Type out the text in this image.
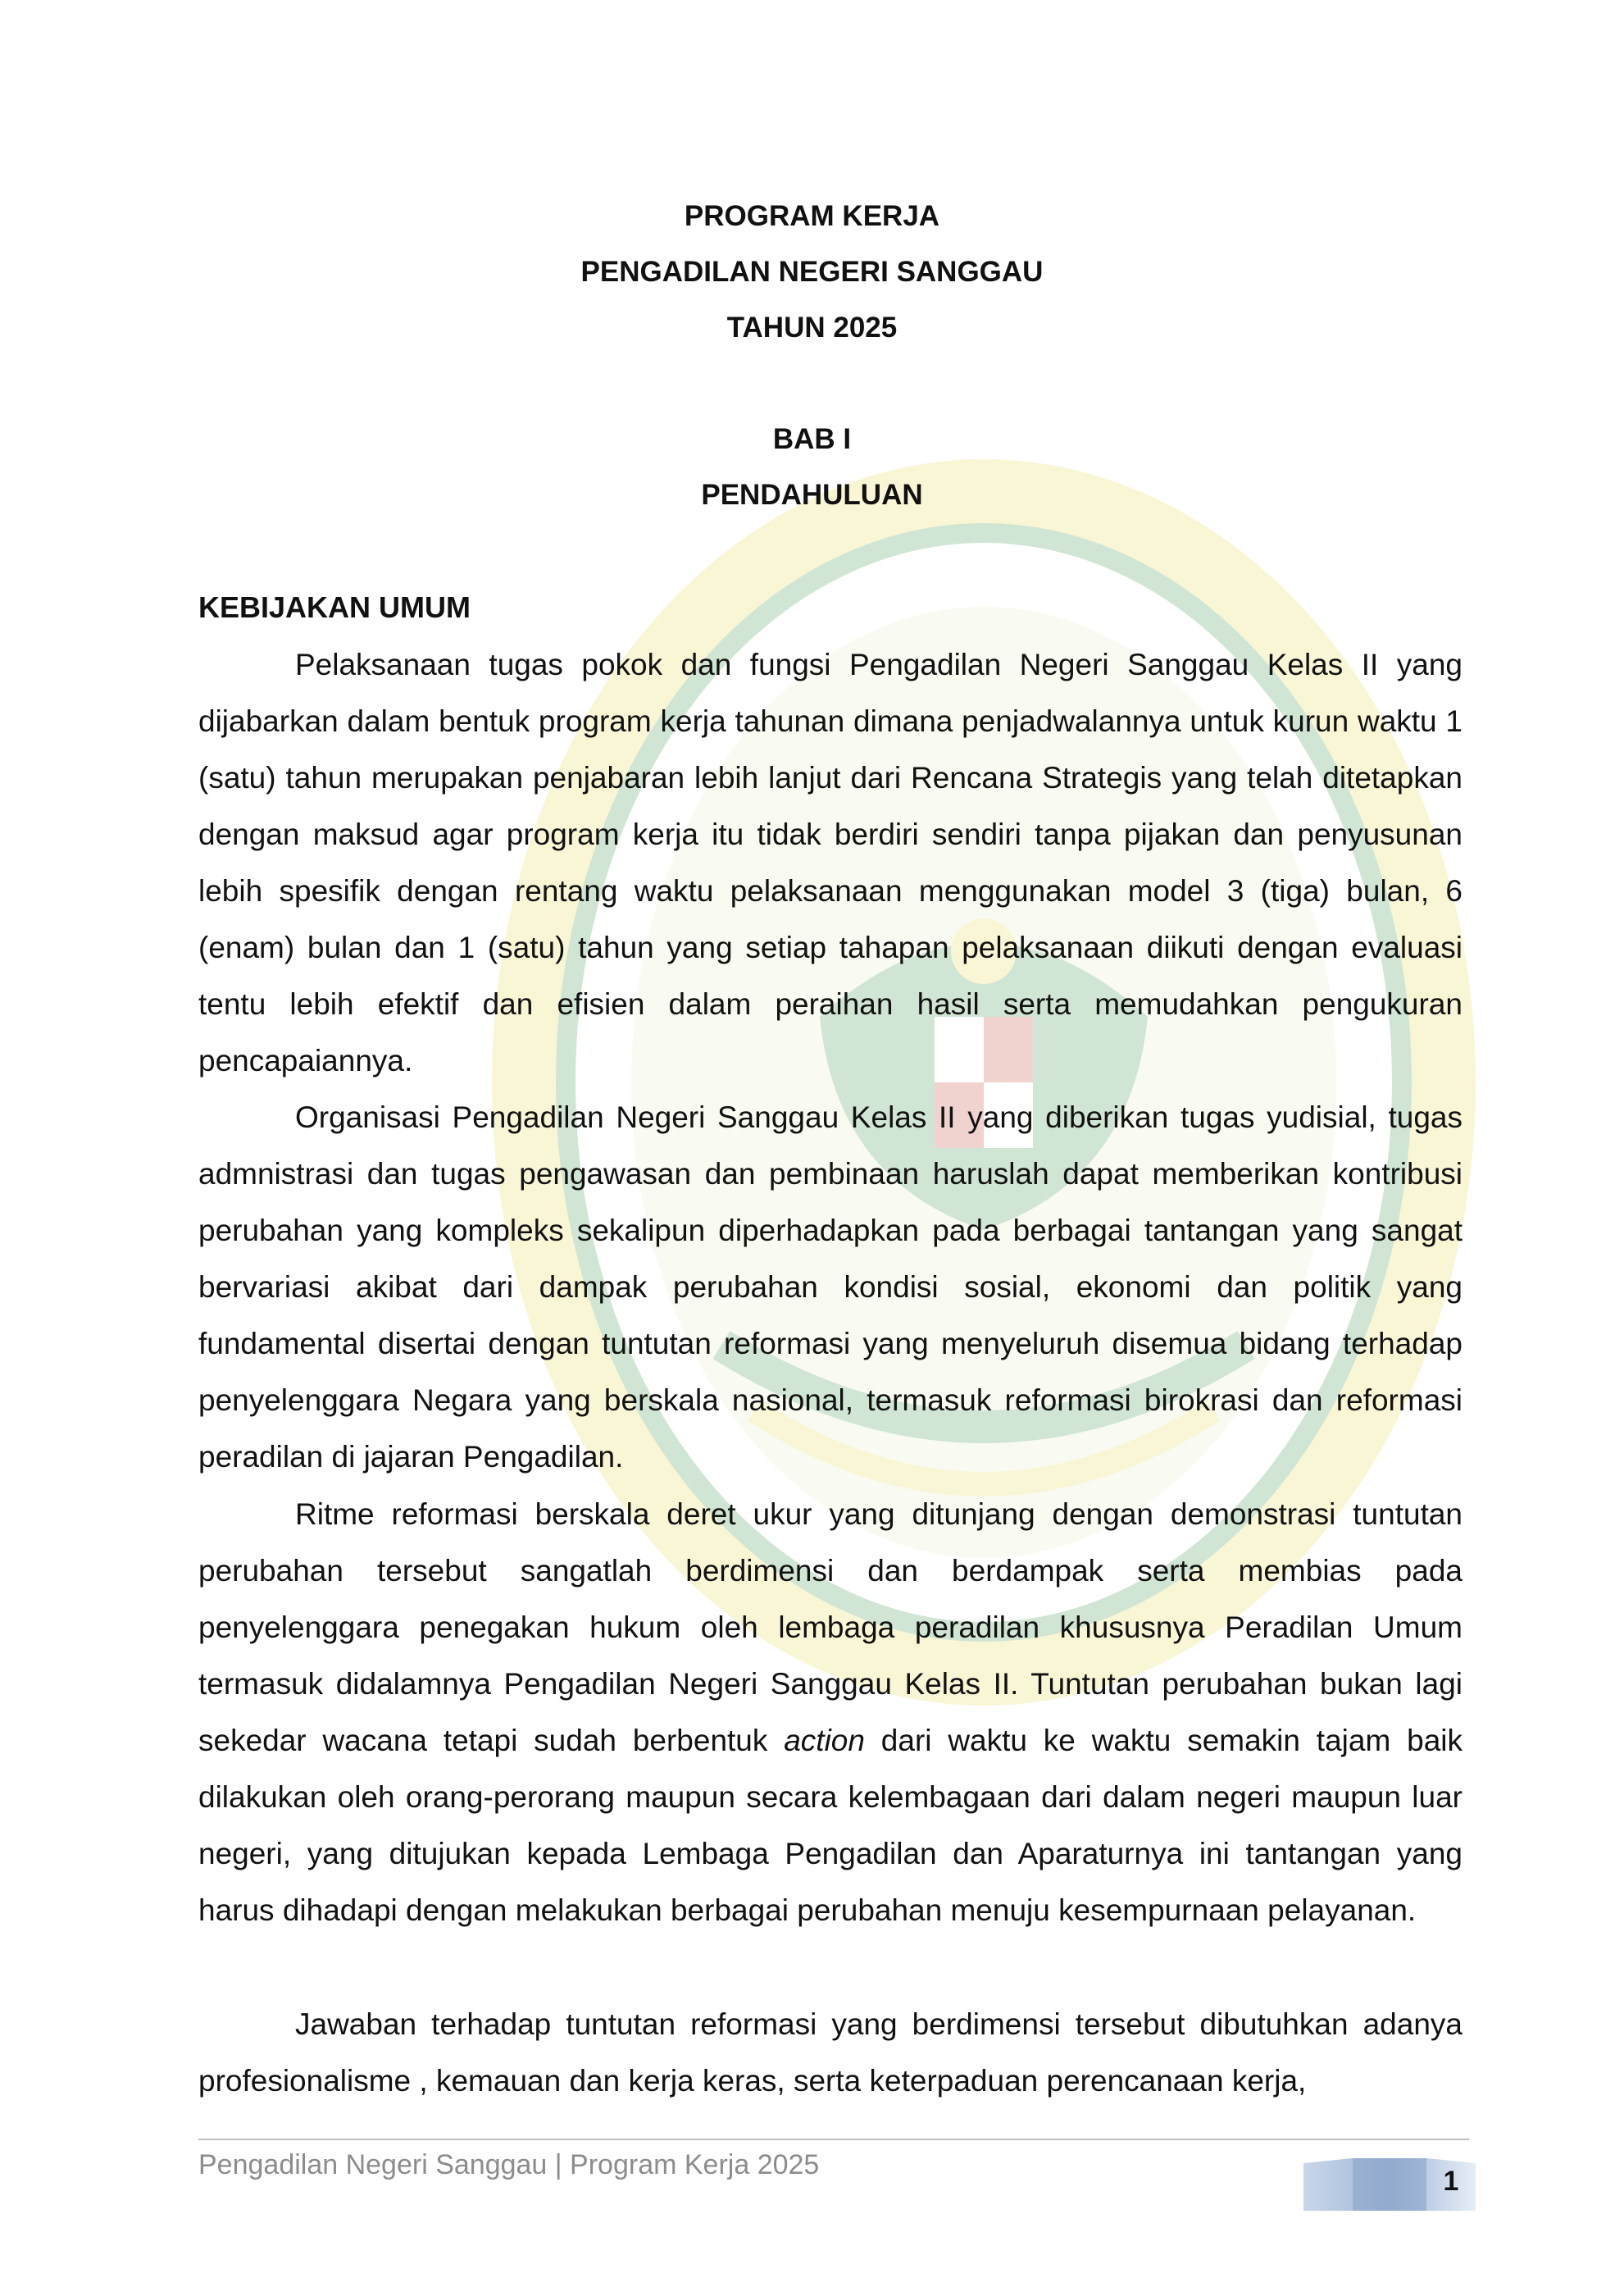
PROGRAM KERJA
PENGADILAN NEGERI SANGGAU
TAHUN 2025
BAB I
PENDAHULUAN
KEBIJAKAN UMUM

Pelaksanaan tugas pokok dan fungsi Pengadilan Negeri Sanggau Kelas II yang dijabarkan dalam bentuk program kerja tahunan dimana penjadwalannya untuk kurun waktu 1 (satu) tahun merupakan penjabaran lebih lanjut dari Rencana Strategis yang telah ditetapkan dengan maksud agar program kerja itu tidak berdiri sendiri tanpa pijakan dan penyusunan lebih spesifik dengan rentang waktu pelaksanaan menggunakan model 3 (tiga) bulan, 6 (enam) bulan dan 1 (satu) tahun yang setiap tahapan pelaksanaan diikuti dengan evaluasi tentu lebih efektif dan efisien dalam peraihan hasil serta memudahkan pengukuran pencapaiannya.

Organisasi Pengadilan Negeri Sanggau Kelas II yang diberikan tugas yudisial, tugas admnistrasi dan tugas pengawasan dan pembinaan haruslah dapat memberikan kontribusi perubahan yang kompleks sekalipun diperhadapkan pada berbagai tantangan yang sangat bervariasi akibat dari dampak perubahan kondisi sosial, ekonomi dan politik yang fundamental disertai dengan tuntutan reformasi yang menyeluruh disemua bidang terhadap penyelenggara Negara yang berskala nasional, termasuk reformasi birokrasi dan reformasi peradilan di jajaran Pengadilan.

Ritme reformasi berskala deret ukur yang ditunjang dengan demonstrasi tuntutan perubahan tersebut sangatlah berdimensi dan berdampak serta membias pada penyelenggara penegakan hukum oleh lembaga peradilan khususnya Peradilan Umum termasuk didalamnya Pengadilan Negeri Sanggau Kelas II. Tuntutan perubahan bukan lagi sekedar wacana tetapi sudah berbentuk action dari waktu ke waktu semakin tajam baik dilakukan oleh orang-perorang maupun secara kelembagaan dari dalam negeri maupun luar negeri, yang ditujukan kepada Lembaga Pengadilan dan Aparaturnya ini tantangan yang harus dihadapi dengan melakukan berbagai perubahan menuju kesempurnaan pelayanan.

Jawaban terhadap tuntutan reformasi yang berdimensi tersebut dibutuhkan adanya profesionalisme , kemauan dan kerja keras, serta keterpaduan perencanaan kerja,

Pengadilan Negeri Sanggau | Program Kerja 2025
1
